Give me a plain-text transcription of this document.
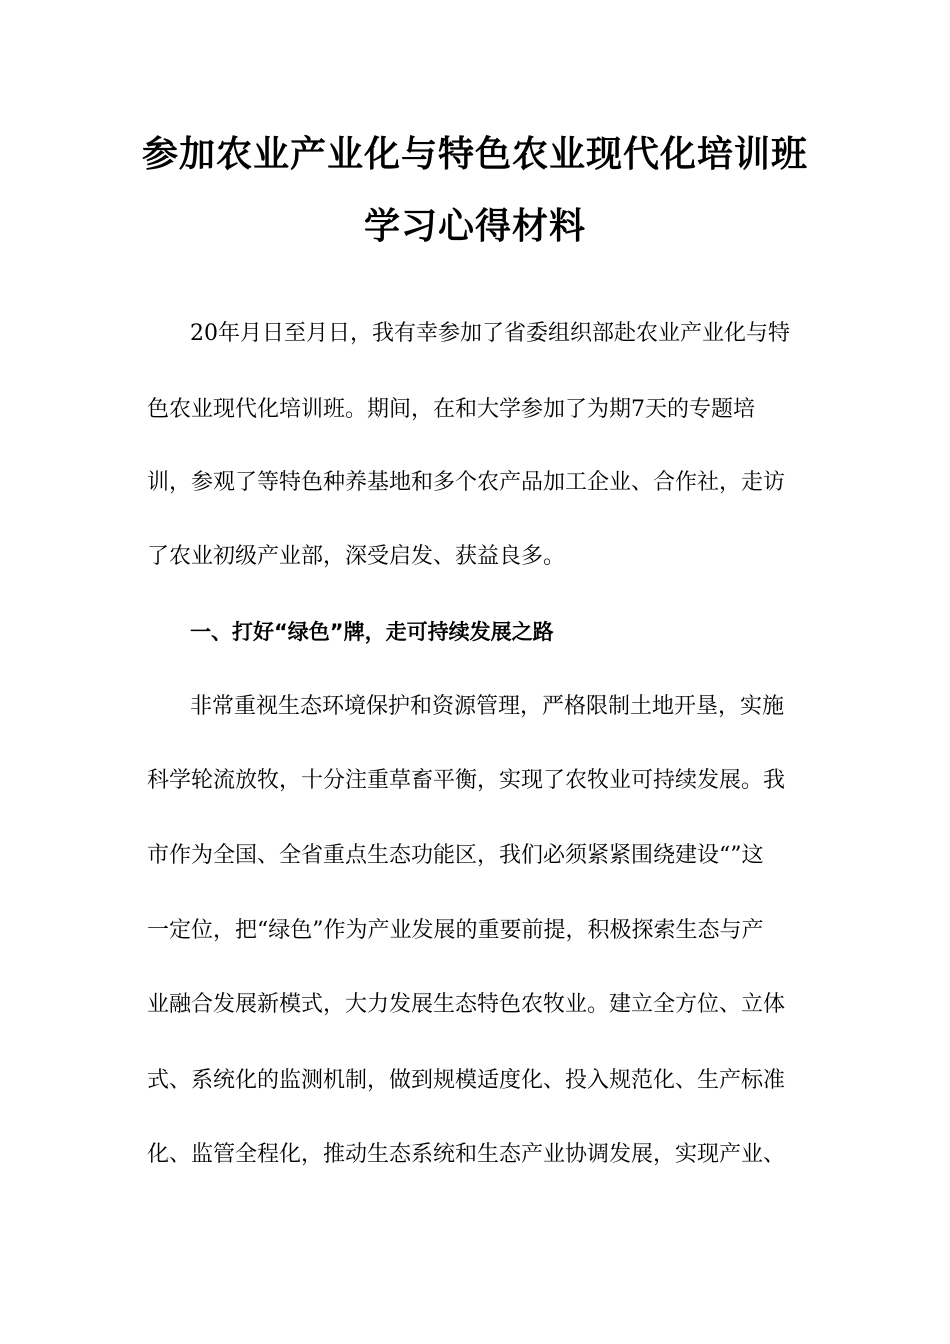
参加农业产业化与特色农业现代化培训班
学习心得材料
20年月日至月日，我有幸参加了省委组织部赴农业产业化与特
色农业现代化培训班。期间，在和大学参加了为期7天的专题培
训，参观了等特色种养基地和多个农产品加工企业、合作社，走访
了农业初级产业部，深受启发、获益良多。
一、打好“绿色”牌，走可持续发展之路
非常重视生态环境保护和资源管理，严格限制土地开垦，实施
科学轮流放牧，十分注重草畜平衡，实现了农牧业可持续发展。我
市作为全国、全省重点生态功能区，我们必须紧紧围绕建设“”这
一定位，把“绿色”作为产业发展的重要前提，积极探索生态与产
业融合发展新模式，大力发展生态特色农牧业。建立全方位、立体
式、系统化的监测机制，做到规模适度化、投入规范化、生产标准
化、监管全程化，推动生态系统和生态产业协调发展，实现产业、
